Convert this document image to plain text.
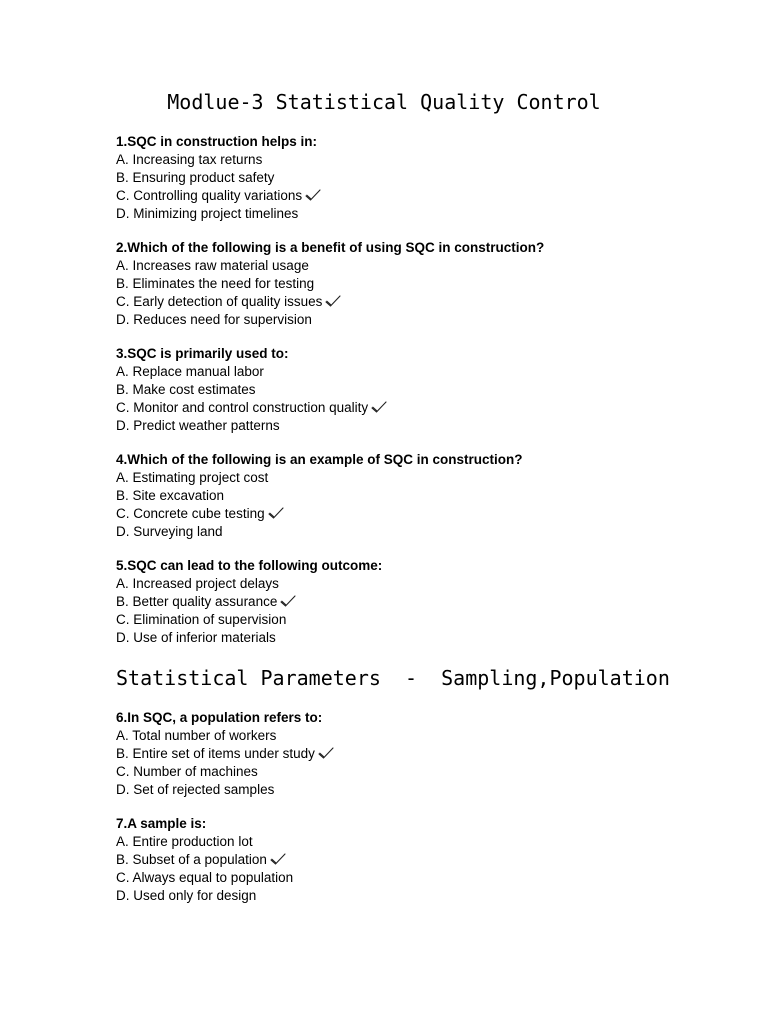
Modlue-3 Statistical Quality Control

1.SQC in construction helps in:

A. Increasing tax returns

B. Ensuring product safety

C. Controlling quality variations

D. Minimizing project timelines

2.Which of the following is a benefit of using SQC in construction?

A. Increases raw material usage

B. Eliminates the need for testing

C. Early detection of quality issues

D. Reduces need for supervision

3.SQC is primarily used to:

A. Replace manual labor

B. Make cost estimates

C. Monitor and control construction quality

D. Predict weather patterns

4.Which of the following is an example of SQC in construction?

A. Estimating project cost

B. Site excavation

C. Concrete cube testing

D. Surveying land

5.SQC can lead to the following outcome:

A. Increased project delays

B. Better quality assurance

C. Elimination of supervision

D. Use of inferior materials

Statistical Parameters  -  Sampling,Population

6.In SQC, a population refers to:

A. Total number of workers

B. Entire set of items under study

C. Number of machines

D. Set of rejected samples

7.A sample is:

A. Entire production lot

B. Subset of a population

C. Always equal to population

D. Used only for design
